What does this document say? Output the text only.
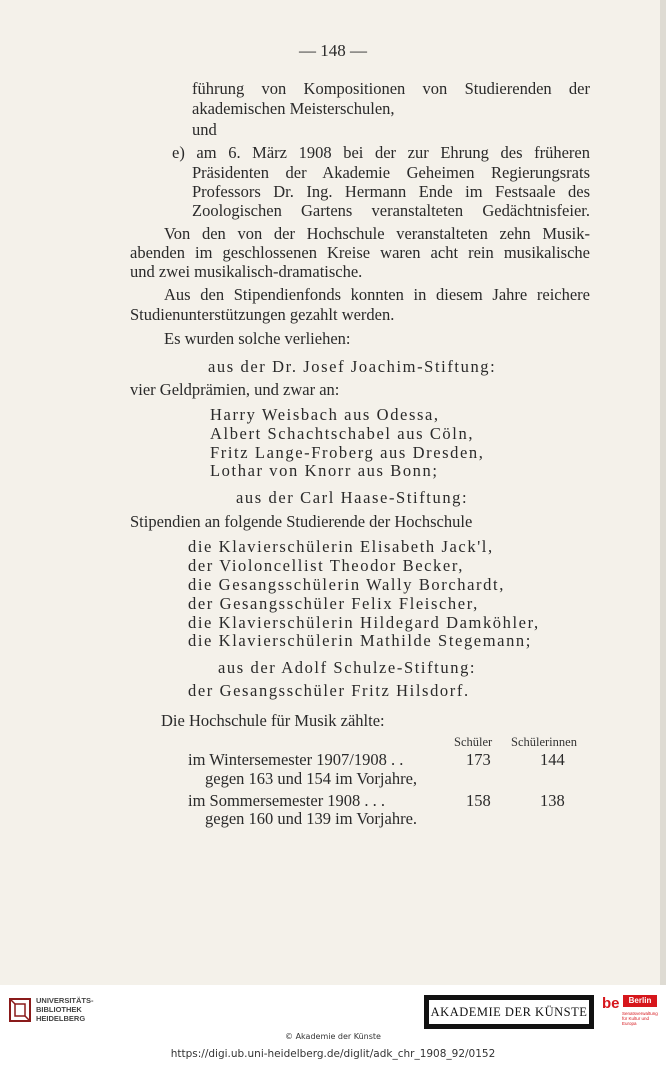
— 148 —
führung von Kompositionen von Studierenden der
akademischen Meisterschulen,
und
e) am 6. März 1908 bei der zur Ehrung des früheren
Präsidenten der Akademie Geheimen Regierungsrats
Professors Dr. Ing. Hermann Ende im Festsaale des
Zoologischen Gartens veranstalteten Gedächtnisfeier.
Von den von der Hochschule veranstalteten zehn Musik-
abenden im geschlossenen Kreise waren acht rein musikalische
und zwei musikalisch-dramatische.
Aus den Stipendienfonds konnten in diesem Jahre reichere
Studienunterstützungen gezahlt werden.
Es wurden solche verliehen:
aus der Dr. Josef Joachim-Stiftung:
vier Geldprämien, und zwar an:
Harry Weisbach aus Odessa,
Albert Schachtschabel aus Cöln,
Fritz Lange-Froberg aus Dresden,
Lothar von Knorr aus Bonn;
aus der Carl Haase-Stiftung:
Stipendien an folgende Studierende der Hochschule
die Klavierschülerin Elisabeth Jack'l,
der Violoncellist Theodor Becker,
die Gesangsschülerin Wally Borchardt,
der Gesangsschüler Felix Fleischer,
die Klavierschülerin Hildegard Damköhler,
die Klavierschülerin Mathilde Stegemann;
aus der Adolf Schulze-Stiftung:
der Gesangsschüler Fritz Hilsdorf.
Die Hochschule für Musik zählte:
Schüler Schülerinnen
im Wintersemester 1907/1908 . .	173	144
gegen 163 und 154 im Vorjahre,
im Sommersemester 1908 . . .	158	138
gegen 160 und 139 im Vorjahre.
UNIVERSITÄTS-
BIBLIOTHEK
HEIDELBERG	AKADEMIE DER KÜNSTE be	Berlin
Senatsverwaltung
für Kultur und Europa
© Akademie der Künste
https://digi.ub.uni-heidelberg.de/diglit/adk_chr_1908_92/0152
